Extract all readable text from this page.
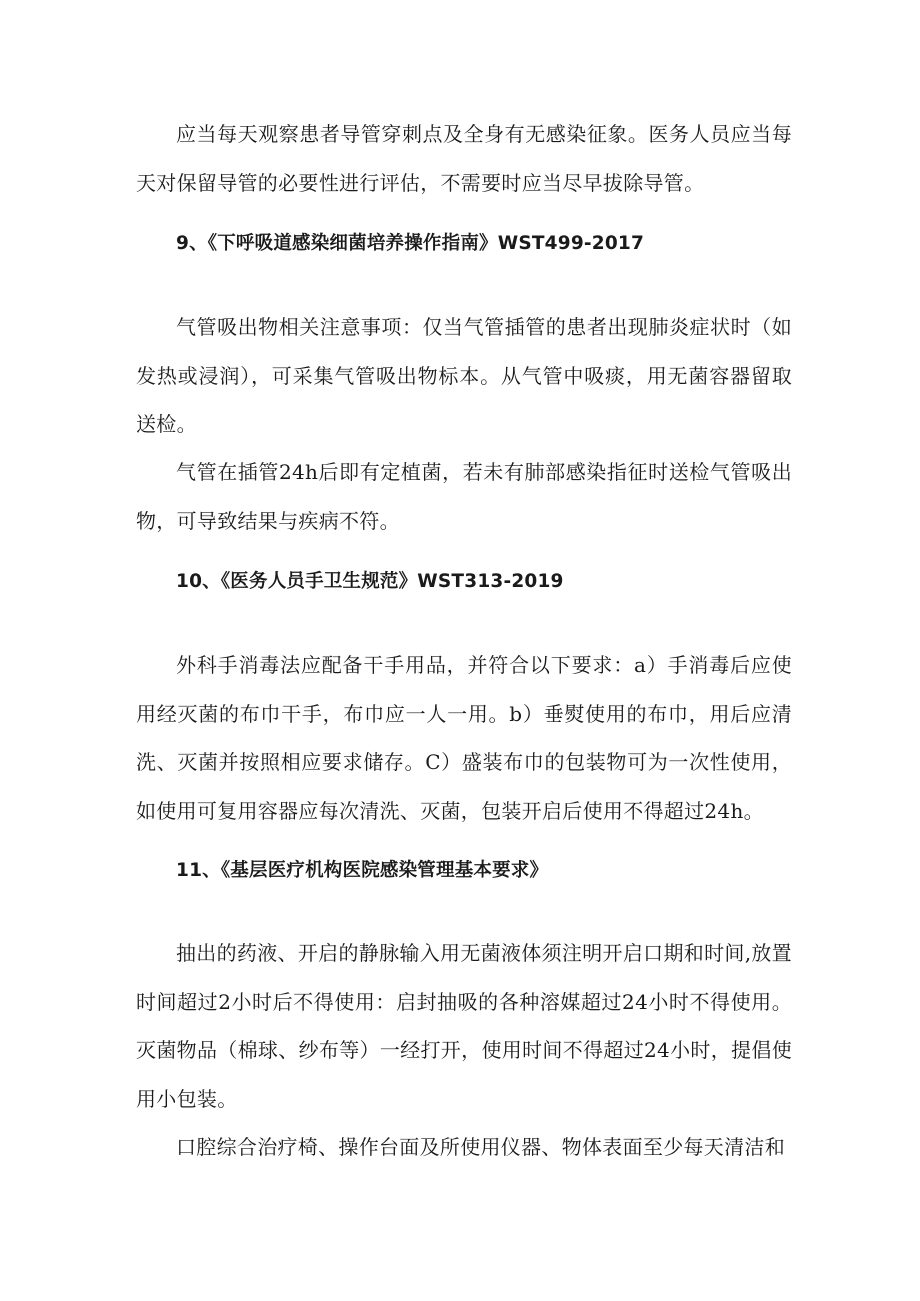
应当每天观察患者导管穿刺点及全身有无感染征象。医务人员应当每天对保留导管的必要性进行评估，不需要时应当尽早拔除导管。

9、《下呼吸道感染细菌培养操作指南》WST499-2017

气管吸出物相关注意事项：仅当气管插管的患者出现肺炎症状时（如发热或浸润），可采集气管吸出物标本。从气管中吸痰，用无菌容器留取送检。

气管在插管24h后即有定植菌，若未有肺部感染指征时送检气管吸出物，可导致结果与疾病不符。

10、《医务人员手卫生规范》WST313-2019

外科手消毒法应配备干手用品，并符合以下要求：a）手消毒后应使用经灭菌的布巾干手，布巾应一人一用。b）垂熨使用的布巾，用后应清洗、灭菌并按照相应要求储存。C）盛装布巾的包装物可为一次性使用，如使用可复用容器应每次清洗、灭菌，包装开启后使用不得超过24h。

11、《基层医疗机构医院感染管理基本要求》

抽出的药液、开启的静脉输入用无菌液体须注明开启口期和时间,放置时间超过2小时后不得使用：启封抽吸的各种溶媒超过24小时不得使用。灭菌物品（棉球、纱布等）一经打开，使用时间不得超过24小时，提倡使用小包装。

口腔综合治疗椅、操作台面及所使用仪器、物体表面至少每天清洁和
